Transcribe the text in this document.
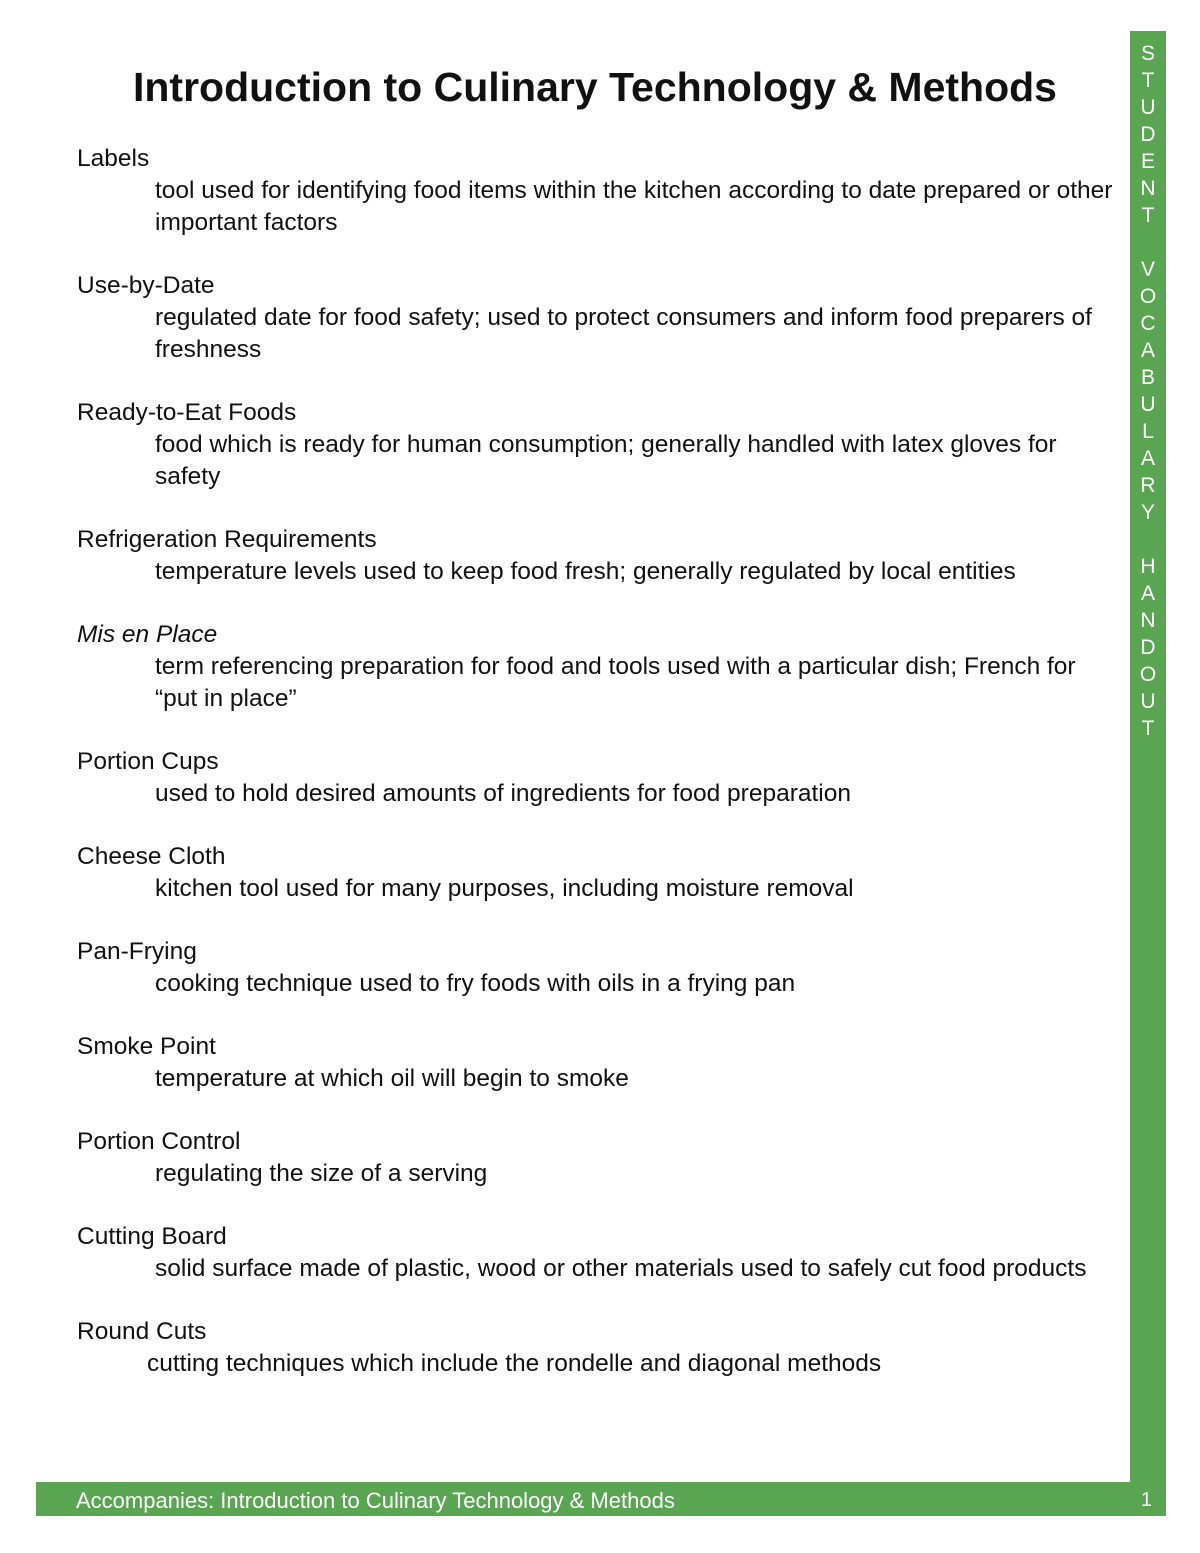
Introduction to Culinary Technology & Methods
Labels
tool used for identifying food items within the kitchen according to date prepared or other important factors
Use-by-Date
regulated date for food safety; used to protect consumers and inform food preparers of freshness
Ready-to-Eat Foods
food which is ready for human consumption; generally handled with latex gloves for safety
Refrigeration Requirements
temperature levels used to keep food fresh; generally regulated by local entities
Mis en Place
term referencing preparation for food and tools used with a particular dish; French for “put in place”
Portion Cups
used to hold desired amounts of ingredients for food preparation
Cheese Cloth
kitchen tool used for many purposes, including moisture removal
Pan-Frying
cooking technique used to fry foods with oils in a frying pan
Smoke Point
temperature at which oil will begin to smoke
Portion Control
regulating the size of a serving
Cutting Board
solid surface made of plastic, wood or other materials used to safely cut food products
Round Cuts
cutting techniques which include the rondelle and diagonal methods
S
T
U
D
E
N
T

V
O
C
A
B
U
L
A
R
Y

H
A
N
D
O
U
T
Accompanies: Introduction to Culinary Technology & Methods	1
